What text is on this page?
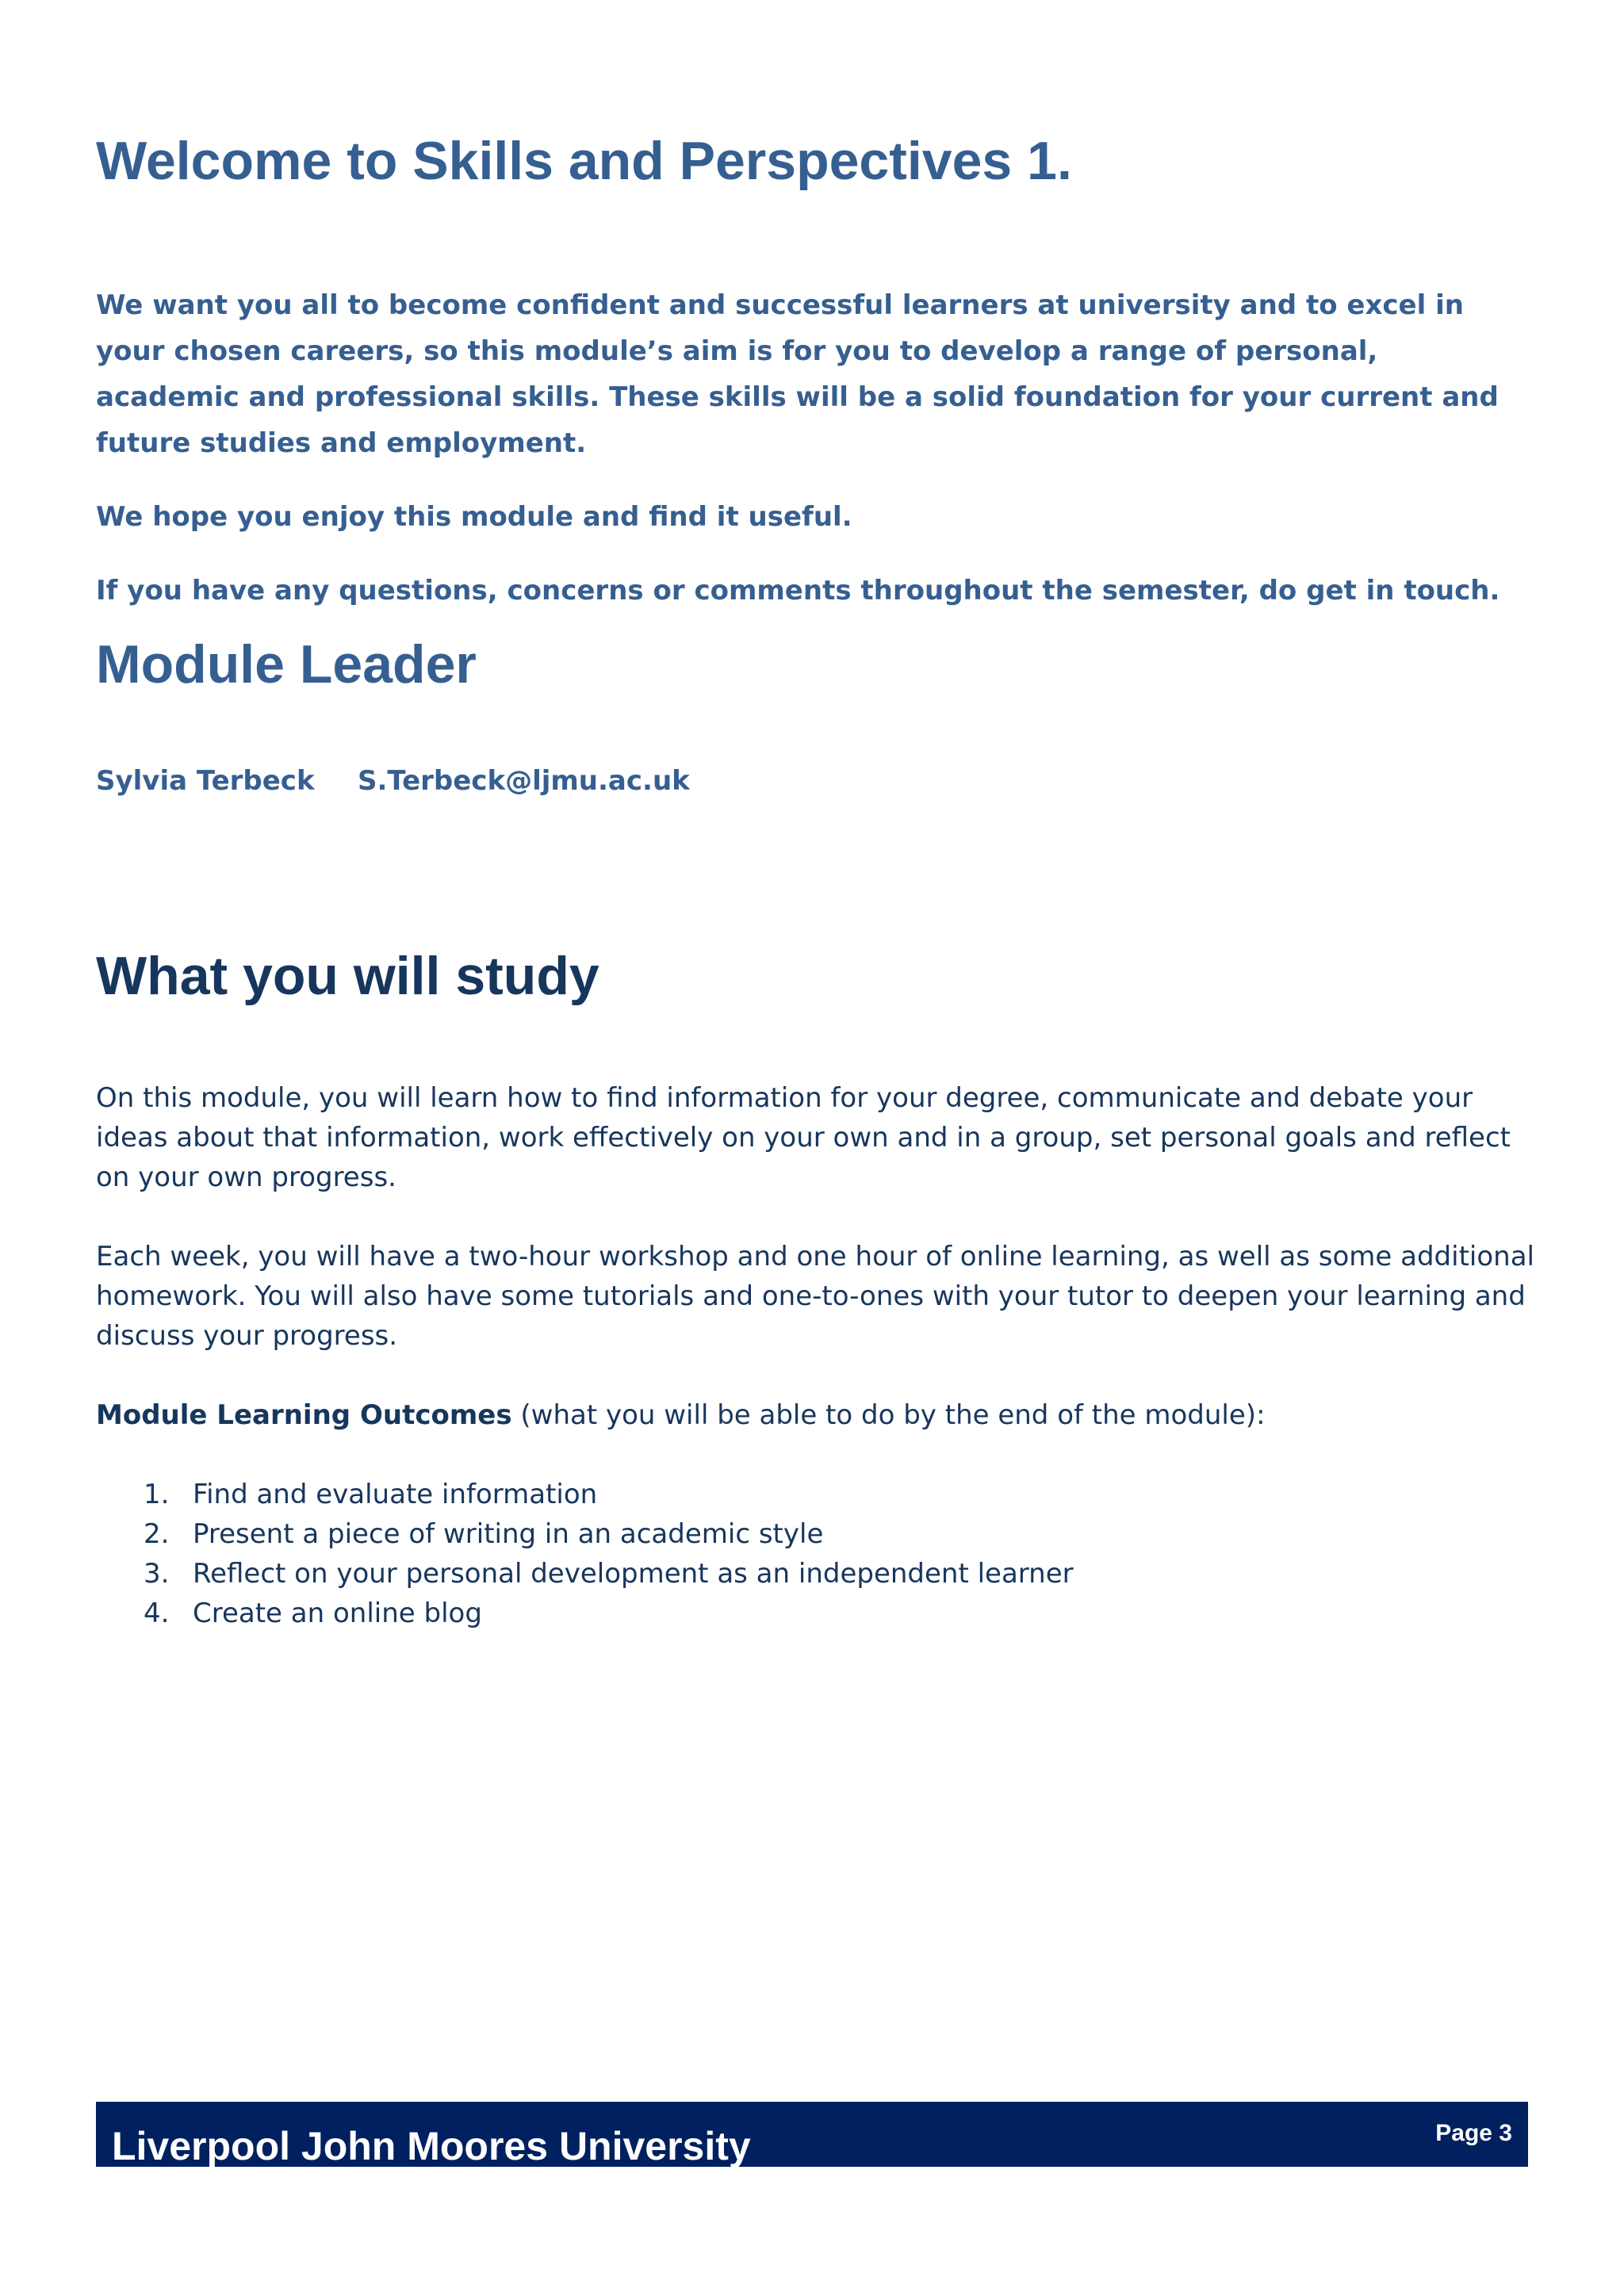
Welcome to Skills and Perspectives 1.

We want you all to become confident and successful learners at university and to excel in your chosen careers, so this module’s aim is for you to develop a range of personal, academic and professional skills. These skills will be a solid foundation for your current and future studies and employment.

We hope you enjoy this module and find it useful.

If you have any questions, concerns or comments throughout the semester, do get in touch.

Module Leader
Sylvia Terbeck S.Terbeck@ljmu.ac.uk
What you will study

On this module, you will learn how to find information for your degree, communicate and debate your ideas about that information, work effectively on your own and in a group, set personal goals and reflect on your own progress.

Each week, you will have a two-hour workshop and one hour of online learning, as well as some additional homework. You will also have some tutorials and one-to-ones with your tutor to deepen your learning and discuss your progress.

Module Learning Outcomes (what you will be able to do by the end of the module):

1. Find and evaluate information
2. Present a piece of writing in an academic style
3. Reflect on your personal development as an independent learner
4. Create an online blog
Liverpool John Moores University	Page 3
